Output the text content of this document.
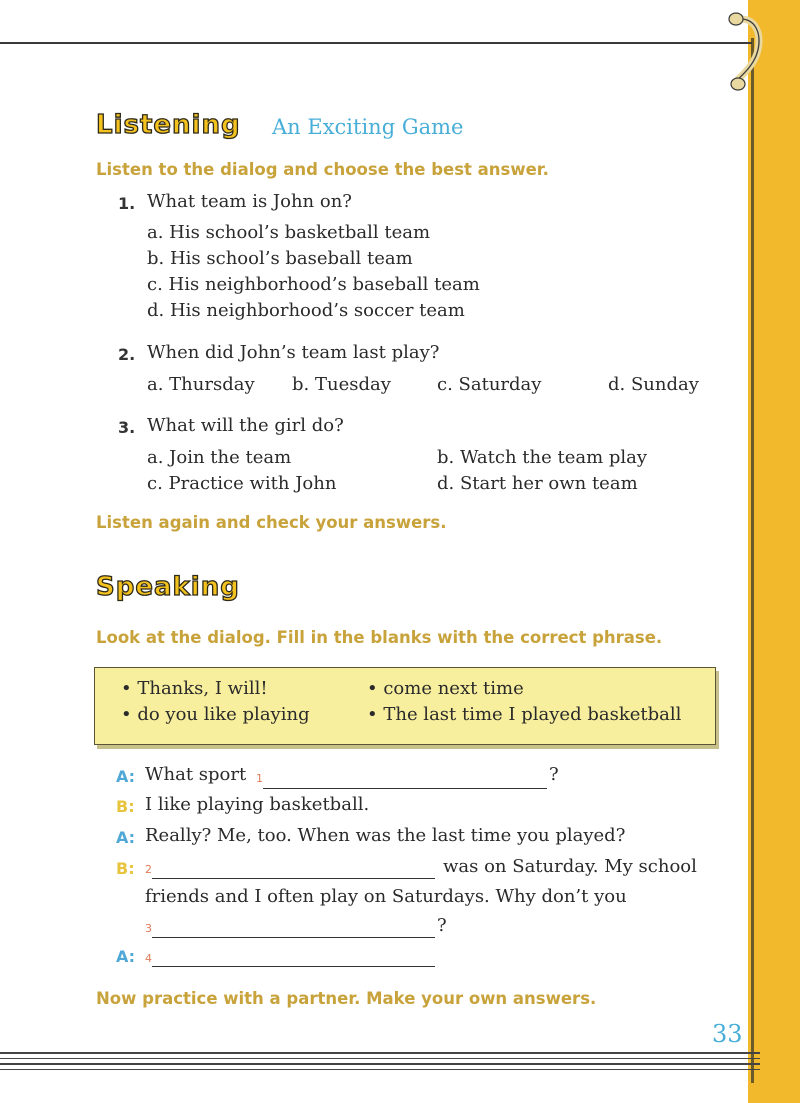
Listening An Exciting Game
Listen to the dialog and choose the best answer.
1. What team is John on?
a. His school’s basketball team
b. His school’s baseball team
c. His neighborhood’s baseball team
d. His neighborhood’s soccer team
2. When did John’s team last play?
a. Thursday b. Tuesday	c. Saturday	d. Sunday
3. What will the girl do?
a. Join the team	b. Watch the team play
c. Practice with John	d. Start her own team
Listen again and check your answers.
Speaking
Look at the dialog. Fill in the blanks with the correct phrase.
• Thanks, I will!	• come next time
• do you like playing	• The last time I played basketball
A: What sport 1	?
B: I like playing basketball.
A: Really? Me, too. When was the last time you played?
B: 2	was on Saturday. My school
friends and I often play on Saturdays. Why don’t you
3	?
A: 4
Now practice with a partner. Make your own answers.
33
